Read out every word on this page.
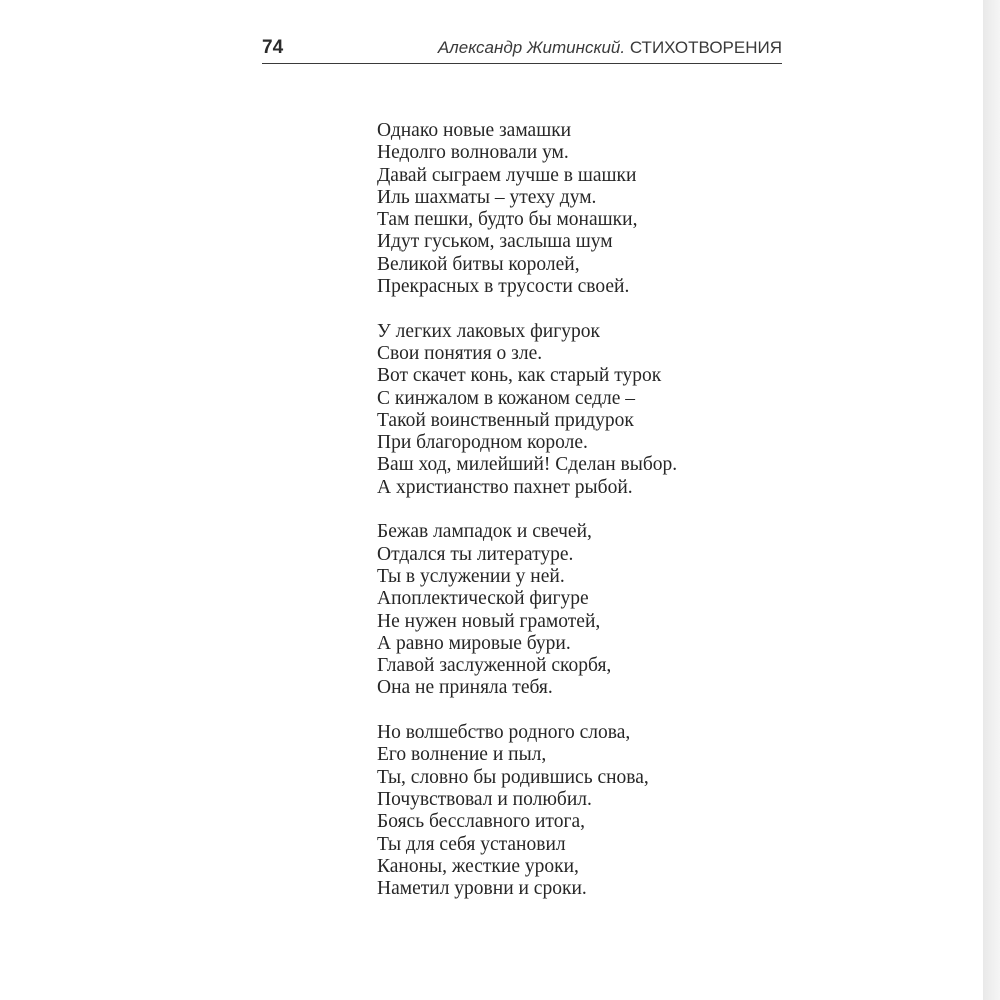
74	Александр Житинский. СТИХОТВОРЕНИЯ
Однако новые замашки
Недолго волновали ум.
Давай сыграем лучше в шашки
Иль шахматы – утеху дум.
Там пешки, будто бы монашки,
Идут гуськом, заслыша шум
Великой битвы королей,
Прекрасных в трусости своей.
У легких лаковых фигурок
Свои понятия о зле.
Вот скачет конь, как старый турок
С кинжалом в кожаном седле –
Такой воинственный придурок
При благородном короле.
Ваш ход, милейший! Сделан выбор.
А христианство пахнет рыбой.
Бежав лампадок и свечей,
Отдался ты литературе.
Ты в услужении у ней.
Апоплектической фигуре
Не нужен новый грамотей,
А равно мировые бури.
Главой заслуженной скорбя,
Она не приняла тебя.
Но волшебство родного слова,
Его волнение и пыл,
Ты, словно бы родившись снова,
Почувствовал и полюбил.
Боясь бесславного итога,
Ты для себя установил
Каноны, жесткие уроки,
Наметил уровни и сроки.
